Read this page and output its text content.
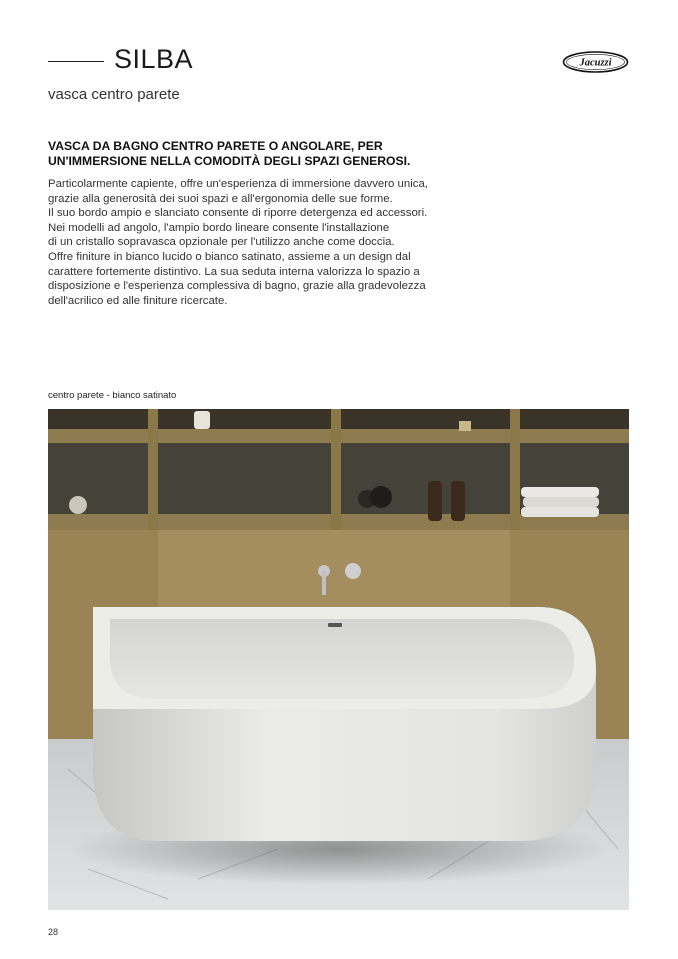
SILBA
vasca centro parete
Jacuzzi
VASCA DA BAGNO CENTRO PARETE O ANGOLARE, PER
UN'IMMERSIONE NELLA COMODITÀ DEGLI SPAZI GENEROSI.
Particolarmente capiente, offre un'esperienza di immersione davvero unica,
grazie alla generosità dei suoi spazi e all'ergonomia delle sue forme.
Il suo bordo ampio e slanciato consente di riporre detergenza ed accessori.
Nei modelli ad angolo, l'ampio bordo lineare consente l'installazione
di un cristallo sopravasca opzionale per l'utilizzo anche come doccia.
Offre finiture in bianco lucido o bianco satinato, assieme a un design dal
carattere fortemente distintivo. La sua seduta interna valorizza lo spazio a
disposizione e l'esperienza complessiva di bagno, grazie alla gradevolezza
dell'acrilico ed alle finiture ricercate.
centro parete - bianco satinato
28
